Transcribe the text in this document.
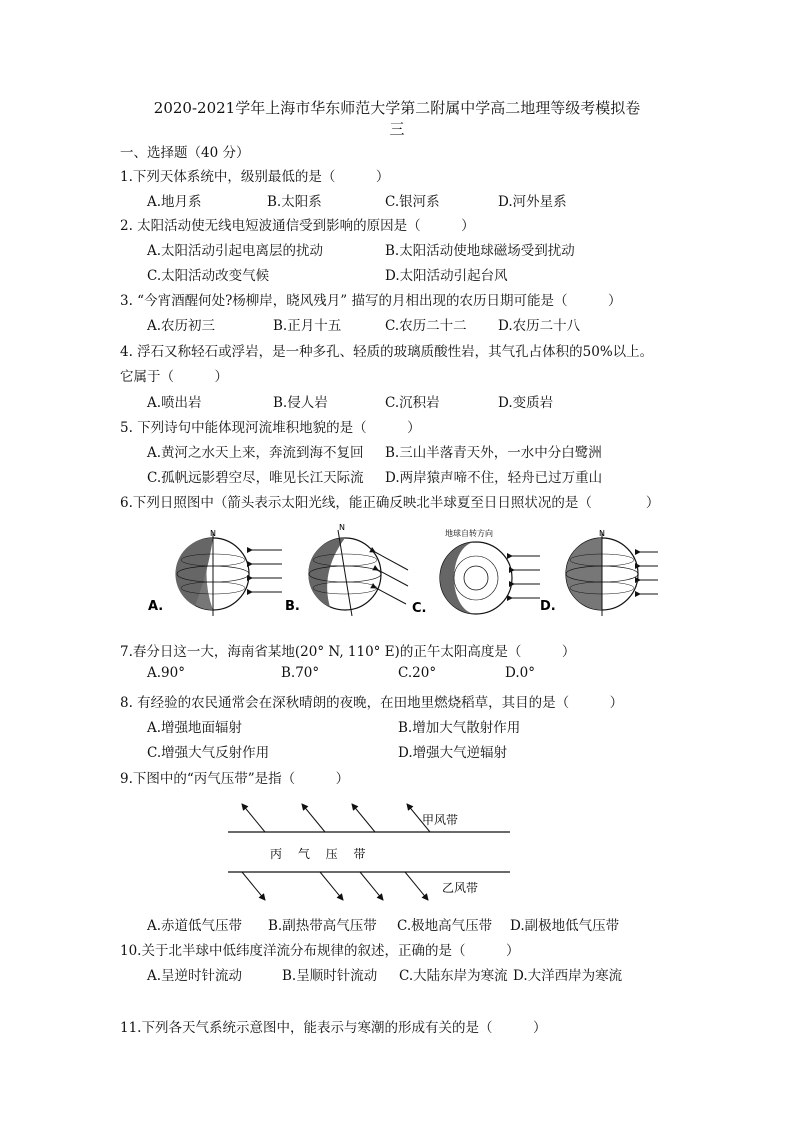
2020-2021学年上海市华东师范大学第二附属中学高二地理等级考模拟卷
三
一、选择题（40 分）
1.下列天体系统中，级别最低的是（　　　）
A.地月系	B.太阳系	C.银河系	D.河外星系
2. 太阳活动使无线电短波通信受到影响的原因是（　　　）
A.太阳活动引起电离层的扰动	B.太阳活动使地球磁场受到扰动
C.太阳活动改变气候	D.太阳活动引起台风
3. “今宵酒醒何处?杨柳岸，晓风残月” 描写的月相出现的农历日期可能是（　　　）
A.农历初三	B.正月十五	C.农历二十二 D.农历二十八
4. 浮石又称轻石或浮岩，是一种多孔、轻质的玻璃质酸性岩，其气孔占体积的50%以上。
它属于（　　　）
A.喷出岩	B.侵人岩	C.沉积岩	D.变质岩
5. 下列诗句中能体现河流堆积地貌的是（　　　）
A.黄河之水天上来，奔流到海不复回 B.三山半落青天外，一水中分白鹭洲
C.孤帆远影碧空尽，唯见长江天际流 D.两岸猿声啼不住，轻舟已过万重山
6.下列日照图中（箭头表示太阳光线，能正确反映北半球夏至日日照状况的是（　　　　）
N
A.
N
B.
地球自转方向
C.
N
D.
7.春分日这一大，海南省某地(20° N, 110° E)的正午太阳高度是（　　　）
A.90°	B.70°	C.20°	D.0°
8. 有经验的农民通常会在深秋晴朗的夜晚，在田地里燃烧稻草，其目的是（　　　）
A.增强地面辐射	B.增加大气散射作用
C.增强大气反射作用	D.增强大气逆辐射
9.下图中的“丙气压带”是指（　　　）
甲风带
丙　 气　 压　 带
乙风带
A.赤道低气压带 B.副热带高气压带 C.极地高气压带 D.副极地低气压带
10.关于北半球中低纬度洋流分布规律的叙述，正确的是（　　　）
A.呈逆时针流动	B.呈顺时针流动 C.大陆东岸为寒流 D.大洋西岸为寒流
11.下列各天气系统示意图中，能表示与寒潮的形成有关的是（　　　）
